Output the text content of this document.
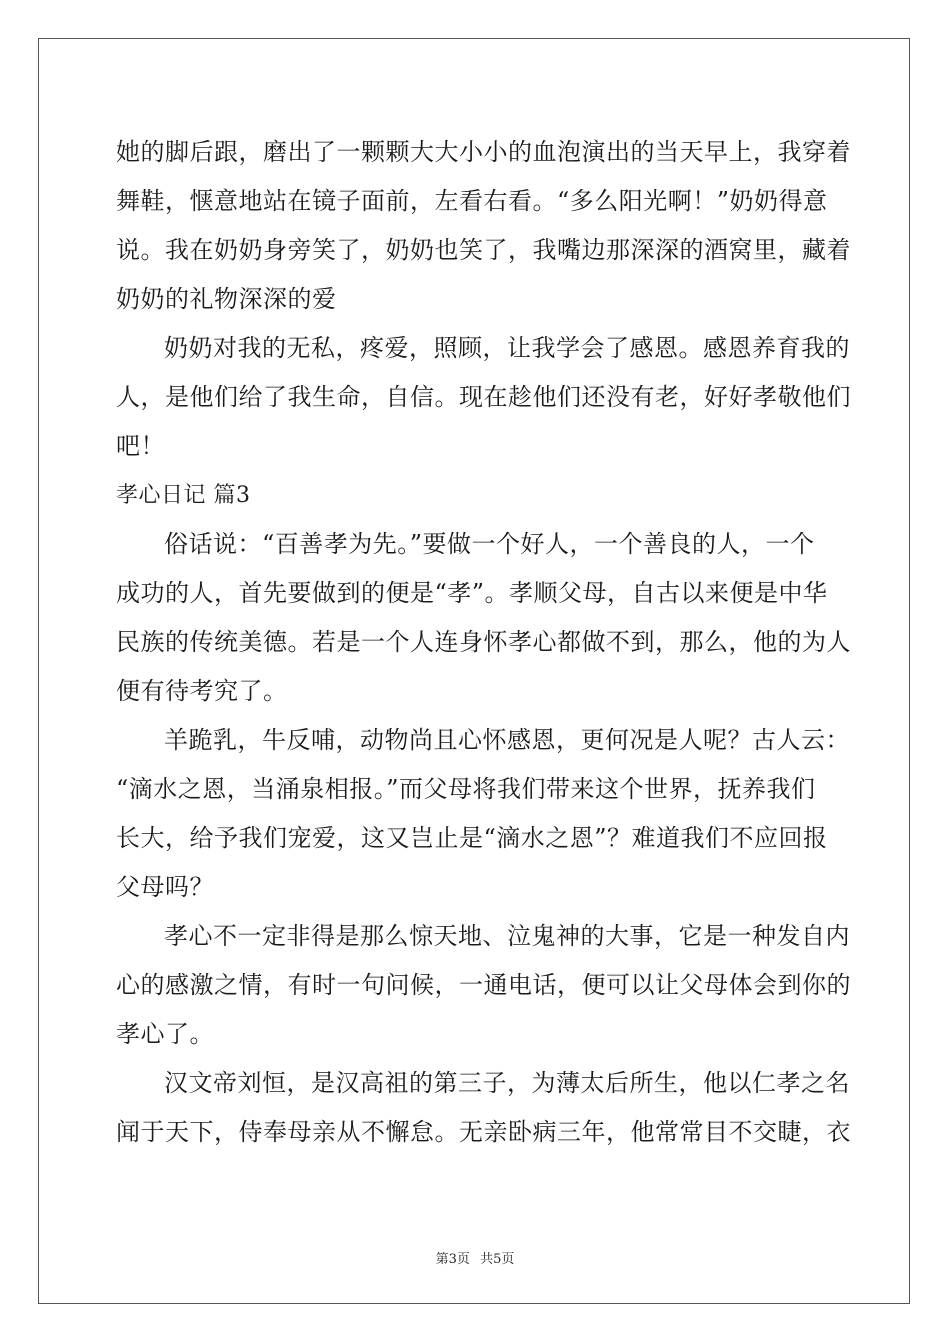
她的脚后跟，磨出了一颗颗大大小小的血泡演出的当天早上，我穿着
舞鞋，惬意地站在镜子面前，左看右看。“多么阳光啊！”奶奶得意
说。我在奶奶身旁笑了，奶奶也笑了，我嘴边那深深的酒窝里，藏着
奶奶的礼物深深的爱
奶奶对我的无私，疼爱，照顾，让我学会了感恩。感恩养育我的
人，是他们给了我生命，自信。现在趁他们还没有老，好好孝敬他们
吧！
孝心日记 篇3
俗话说：“百善孝为先。”要做一个好人，一个善良的人，一个
成功的人，首先要做到的便是“孝”。孝顺父母，自古以来便是中华
民族的传统美德。若是一个人连身怀孝心都做不到，那么，他的为人
便有待考究了。
羊跪乳，牛反哺，动物尚且心怀感恩，更何况是人呢？古人云：
“滴水之恩，当涌泉相报。”而父母将我们带来这个世界，抚养我们
长大，给予我们宠爱，这又岂止是“滴水之恩”？难道我们不应回报
父母吗？
孝心不一定非得是那么惊天地、泣鬼神的大事，它是一种发自内
心的感激之情，有时一句问候，一通电话，便可以让父母体会到你的
孝心了。
汉文帝刘恒，是汉高祖的第三子，为薄太后所生，他以仁孝之名
闻于天下，侍奉母亲从不懈怠。无亲卧病三年，他常常目不交睫，衣
第3页 共5页
